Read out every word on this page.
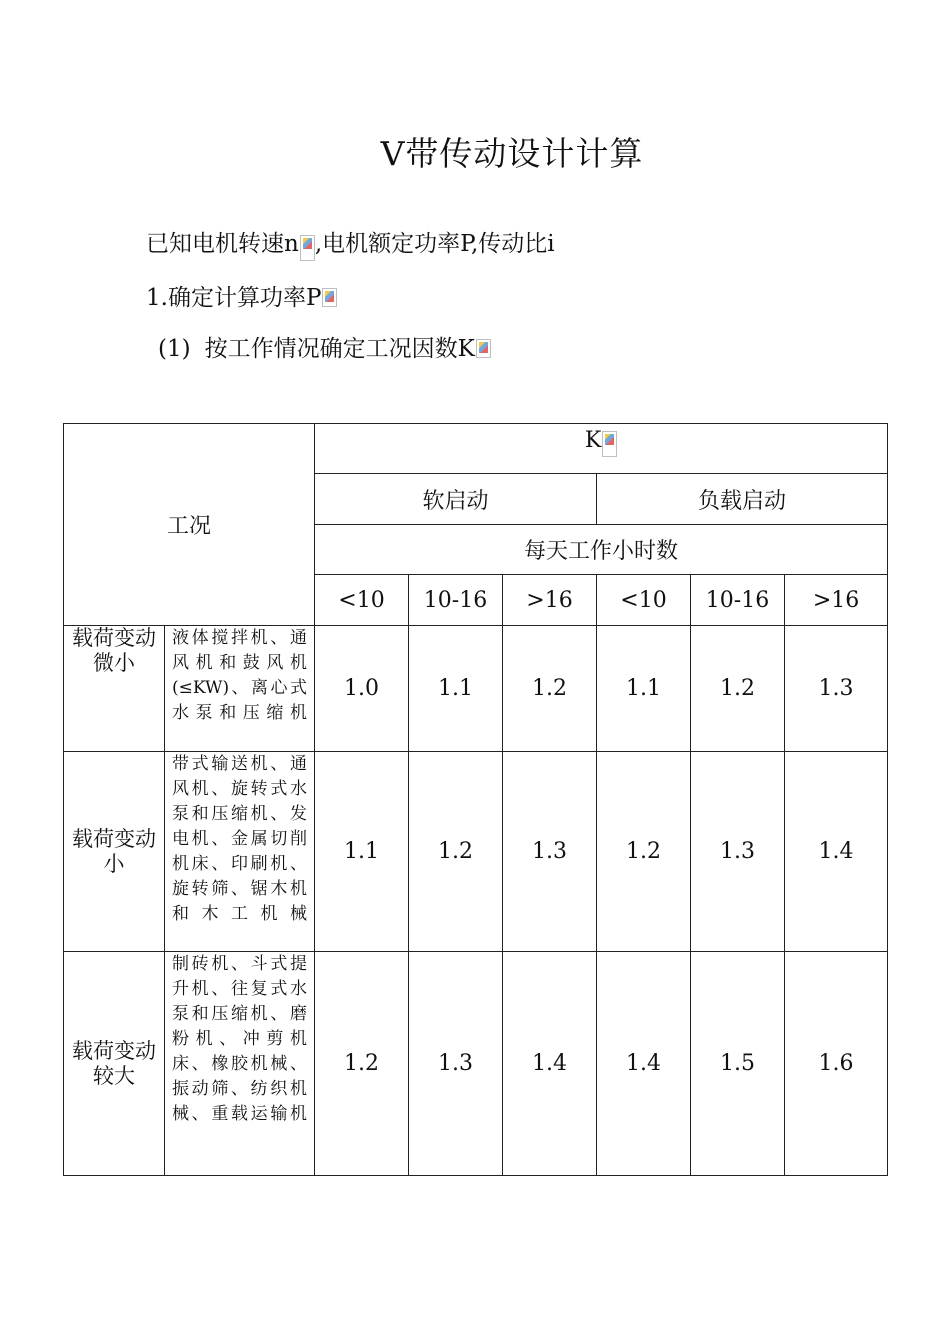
V带传动设计计算
已知电机转速n ,电机额定功率P,传动比i
1.确定计算功率P
(1) 按工作情况确定工况因数K
工况		K					
		软启动			负载启动		
		每天工作小时数					
		<10	10-16	>16	<10	10-16	>16
载荷变动微小	液体搅拌机、通风机和鼓风机(≤KW)、离心式水泵和压缩机	1.0	1.1	1.2	1.1	1.2	1.3
载荷变动小	带式输送机、通风机、旋转式水泵和压缩机、发电机、金属切削机床、印刷机、旋转筛、锯木机和木工机械	1.1	1.2	1.3	1.2	1.3	1.4
载荷变动较大	制砖机、斗式提升机、往复式水泵和压缩机、磨粉机、冲剪机床、橡胶机械、振动筛、纺织机械、重载运输机	1.2	1.3	1.4	1.4	1.5	1.6
